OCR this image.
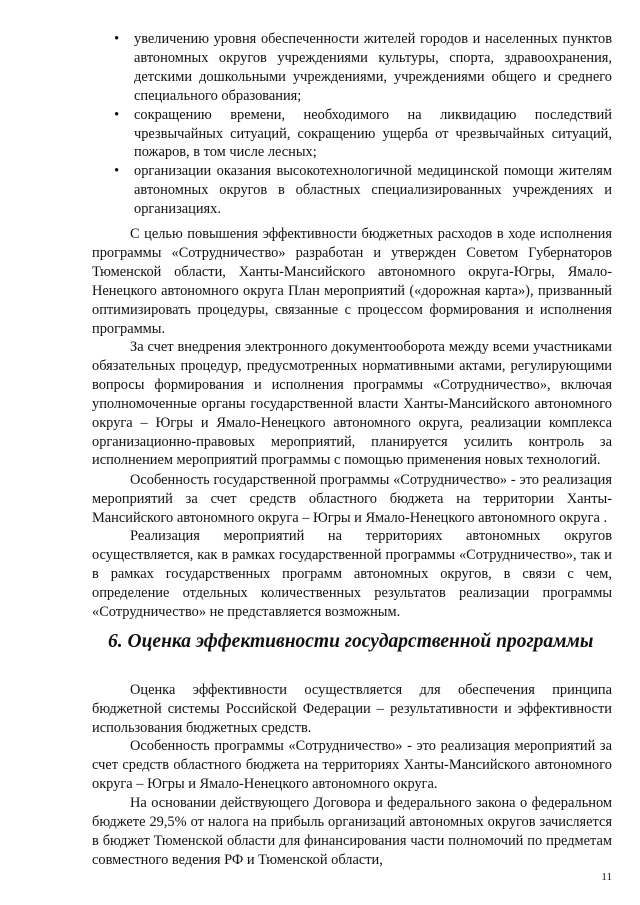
• увеличению уровня обеспеченности жителей городов и населенных пунктов автономных округов учреждениями культуры, спорта, здравоохранения, детскими дошкольными учреждениями, учреждениями общего и среднего специального образования;
• сокращению времени, необходимого на ликвидацию последствий чрезвычайных ситуаций, сокращению ущерба от чрезвычайных ситуаций, пожаров, в том числе лесных;
• организации оказания высокотехнологичной медицинской помощи жителям автономных округов в областных специализированных учреждениях и организациях.

С целью повышения эффективности бюджетных расходов в ходе исполнения программы «Сотрудничество» разработан и утвержден Советом Губернаторов Тюменской области, Ханты-Мансийского автономного округа-Югры, Ямало-Ненецкого автономного округа План мероприятий («дорожная карта»), призванный оптимизировать процедуры, связанные с процессом формирования и исполнения программы.

За счет внедрения электронного документооборота между всеми участниками обязательных процедур, предусмотренных нормативными актами, регулирующими вопросы формирования и исполнения программы «Сотрудничество», включая уполномоченные органы государственной власти Ханты-Мансийского автономного округа – Югры и Ямало-Ненецкого автономного округа, реализации комплекса организационно-правовых мероприятий, планируется усилить контроль за исполнением мероприятий программы с помощью применения новых технологий.

Особенность государственной программы «Сотрудничество» - это реализация мероприятий за счет средств областного бюджета на территории Ханты-Мансийского автономного округа – Югры и Ямало-Ненецкого автономного округа .

Реализация мероприятий на территориях автономных округов осуществляется, как в рамках государственной программы «Сотрудничество», так и в рамках государственных программ автономных округов, в связи с чем, определение отдельных количественных результатов реализации программы «Сотрудничество» не представляется возможным.

6. Оценка эффективности государственной программы

Оценка эффективности осуществляется для обеспечения принципа бюджетной системы Российской Федерации – результативности и эффективности использования бюджетных средств.

Особенность программы «Сотрудничество» - это реализация мероприятий за счет средств областного бюджета на территориях Ханты-Мансийского автономного округа – Югры и Ямало-Ненецкого автономного округа.

На основании действующего Договора и федерального закона о федеральном бюджете 29,5% от налога на прибыль организаций автономных округов зачисляется в бюджет Тюменской области для финансирования части полномочий по предметам совместного ведения РФ и Тюменской области,

11
